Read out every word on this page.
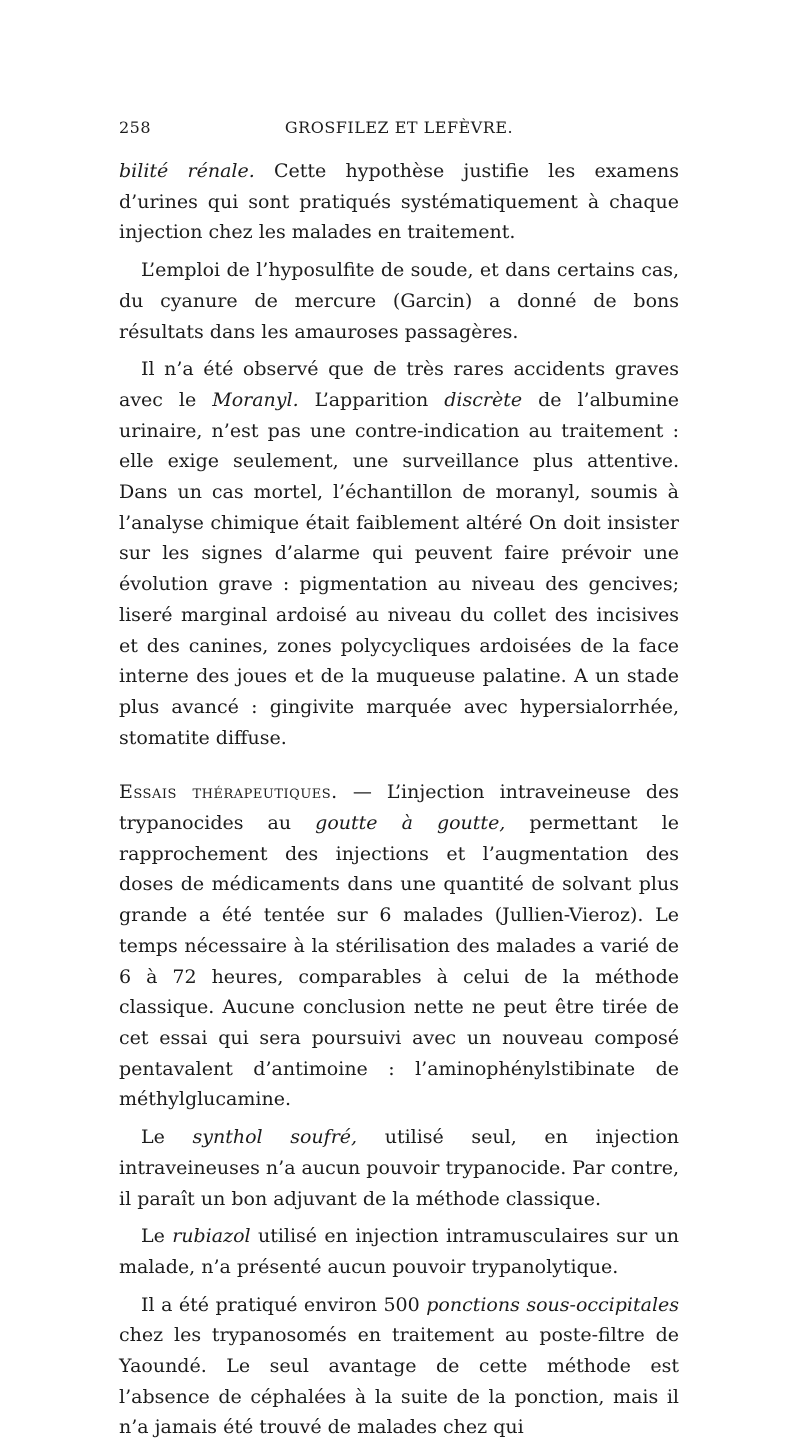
258	GROSFILEZ ET LEFÈVRE.

bilité rénale. Cette hypothèse justifie les examens d’urines qui sont pratiqués systématiquement à chaque injection chez les malades en traitement.

L’emploi de l’hyposulfite de soude, et dans certains cas, du cyanure de mercure (Garcin) a donné de bons résultats dans les amauroses passagères.

Il n’a été observé que de très rares accidents graves avec le Moranyl. L’apparition discrète de l’albumine urinaire, n’est pas une contre-indication au traitement : elle exige seulement, une surveillance plus attentive. Dans un cas mortel, l’échantillon de moranyl, soumis à l’analyse chimique était faiblement altéré On doit insister sur les signes d’alarme qui peuvent faire prévoir une évolution grave : pigmentation au niveau des gencives; liseré marginal ardoisé au niveau du collet des incisives et des canines, zones polycycliques ardoisées de la face interne des joues et de la muqueuse palatine. A un stade plus avancé : gingivite marquée avec hypersialorrhée, stomatite diffuse.

Essais thérapeutiques. — L’injection intraveineuse des trypanocides au goutte à goutte, permettant le rapprochement des injections et l’augmentation des doses de médicaments dans une quantité de solvant plus grande a été tentée sur 6 malades (Jullien-Vieroz). Le temps nécessaire à la stérilisation des malades a varié de 6 à 72 heures, comparables à celui de la méthode classique. Aucune conclusion nette ne peut être tirée de cet essai qui sera poursuivi avec un nouveau composé pentavalent d’antimoine : l’aminophénylstibinate de méthylglucamine.

Le synthol soufré, utilisé seul, en injection intraveineuses n’a aucun pouvoir trypanocide. Par contre, il paraît un bon adjuvant de la méthode classique.

Le rubiazol utilisé en injection intramusculaires sur un malade, n’a présenté aucun pouvoir trypanolytique.

Il a été pratiqué environ 500 ponctions sous-occipitales chez les trypanosomés en traitement au poste-filtre de Yaoundé. Le seul avantage de cette méthode est l’absence de céphalées à la suite de la ponction, mais il n’a jamais été trouvé de malades chez qui
